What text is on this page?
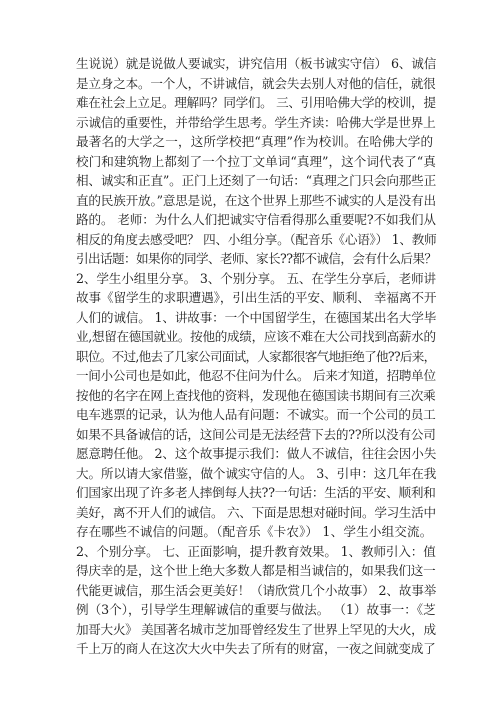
生说说）就是说做人要诚实，讲究信用（板书诚实守信） 6、诚信
是立身之本。一个人，不讲诚信，就会失去别人对他的信任，就很
难在社会上立足。理解吗？同学们。 三、引用哈佛大学的校训，提
示诚信的重要性，并带给学生思考。学生齐读：哈佛大学是世界上
最著名的大学之一，这所学校把“真理”作为校训。在哈佛大学的
校门和建筑物上都刻了一个拉丁文单词“真理”，这个词代表了“真
相、诚实和正直”。正门上还刻了一句话：“真理之门只会向那些正
直的民族开放。”意思是说，在这个世界上那些不诚实的人是没有出
路的。 老师：为什么人们把诚实守信看得那么重要呢?不如我们从
相反的角度去感受吧？ 四、小组分享。（配音乐《心语》） 1、教师
引出话题：如果你的同学、老师、家长??都不诚信，会有什么后果？
2、学生小组里分享。 3、个别分享。 五、在学生分享后，老师讲
故事《留学生的求职遭遇》，引出生活的平安、顺利、 幸福离不开
人们的诚信。 1、讲故事：一个中国留学生，在德国某出名大学毕
业,想留在德国就业。按他的成绩，应该不难在大公司找到高薪水的
职位。不过,他去了几家公司面试，人家都很客气地拒绝了他??后来，
一间小公司也是如此，他忍不住问为什么。 后来才知道，招聘单位
按他的名字在网上查找他的资料，发现他在德国读书期间有三次乘
电车逃票的记录，认为他人品有问题：不诚实。而一个公司的员工
如果不具备诚信的话，这间公司是无法经营下去的??所以没有公司
愿意聘任他。 2、这个故事提示我们：做人不诚信，往往会因小失
大。所以请大家借鉴，做个诚实守信的人。 3、引申：这几年在我
们国家出现了许多老人摔倒每人扶??一句话：生活的平安、顺利和
美好，离不开人们的诚信。 六、下面是思想对碰时间。学习生活中
存在哪些不诚信的问题。（配音乐《卡农》） 1、学生小组交流。
2、个别分享。 七、正面影响，提升教育效果。 1、教师引入：值
得庆幸的是，这个世上绝大多数人都是相当诚信的，如果我们这一
代能更诚信，那生活会更美好！（请欣赏几个小故事） 2、故事举
例（3个），引导学生理解诚信的重要与做法。 （1）故事一：《芝
加哥大火》 美国著名城市芝加哥曾经发生了世界上罕见的大火，成
千上万的商人在这次大火中失去了所有的财富，一夜之间就变成了
